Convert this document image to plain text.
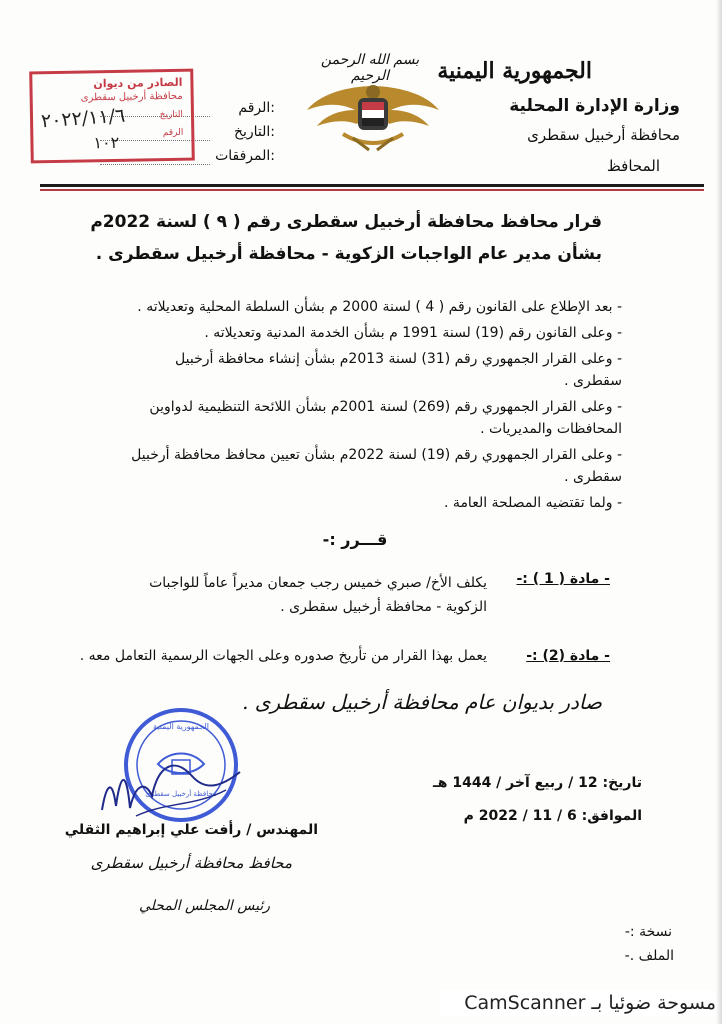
الجمهورية اليمنية
وزارة الإدارة المحلية
محافظة أرخبيل سقطرى
المحافظ
بسم الله الرحمن الرحيم
:الرقم
:التاريخ
:المرفقات
الصادر من ديوان
محافظة أرخبيل سقطرى
التاريخ
الرقم
٢٠٢٢/١١/٦
١٠٢
قرار محافظ محافظة أرخبيل سقطرى رقم ( ٩ ) لسنة 2022م
بشأن مدير عام الواجبات الزكوية - محافظة أرخبيل سقطرى .

- بعد الإطلاع على القانون رقم ( 4 ) لسنة 2000 م بشأن السلطة المحلية وتعديلاته .

- وعلى القانون رقم (19) لسنة 1991 م بشأن الخدمة المدنية وتعديلاته .

- وعلى القرار الجمهوري رقم (31) لسنة 2013م بشأن إنشاء محافظة أرخبيل سقطرى .

- وعلى القرار الجمهوري رقم (269) لسنة 2001م بشأن اللائحة التنظيمية لدواوين المحافظات والمديريات .

- وعلى القرار الجمهوري رقم (19) لسنة 2022م بشأن تعيين محافظ محافظة أرخبيل سقطرى .

- ولما تقتضيه المصلحة العامة .

قـــرر :-
- مادة ( 1 ) :-
يكلف الأخ/ صبري خميس رجب جمعان مديراً عاماً للواجبات الزكوية - محافظة أرخبيل سقطرى .
- مادة (2) :-
يعمل بهذا القرار من تأريخ صدوره وعلى الجهات الرسمية التعامل معه .
صادر بديوان عام محافظة أرخبيل سقطرى .
الجمهورية اليمنية
محافظة أرخبيل سقطرى
تاريخ: 12 / ربيع آخر / 1444 هـ
الموافق: 6 / 11 / 2022 م
المهندس / رأفت علي إبراهيم الثقلي
محافظ محافظة أرخبيل سقطرى
رئيس المجلس المحلي
نسخة :-
الملف .-
مسوحة ضوئيا بـ CamScanner
